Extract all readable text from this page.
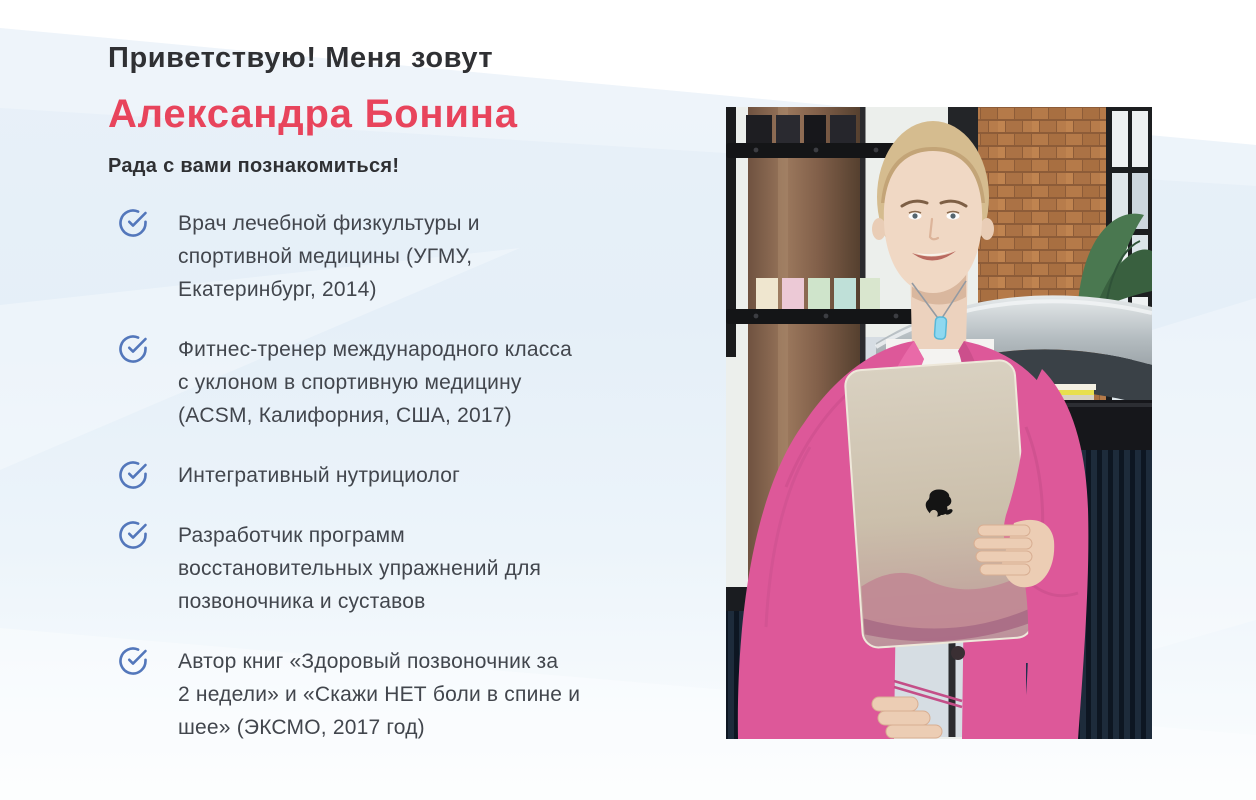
Приветствую! Меня зовут
Александра Бонина
Рада с вами познакомиться!
Врач лечебной физкультуры и
спортивной медицины (УГМУ,
Екатеринбург, 2014)
Фитнес-тренер международного класса
с уклоном в спортивную медицину
(ACSM, Калифорния, США, 2017)
Интегративный нутрициолог
Разработчик программ
восстановительных упражнений для
позвоночника и суставов
Автор книг «Здоровый позвоночник за
2 недели» и «Скажи НЕТ боли в спине и
шее» (ЭКСМО, 2017 год)
